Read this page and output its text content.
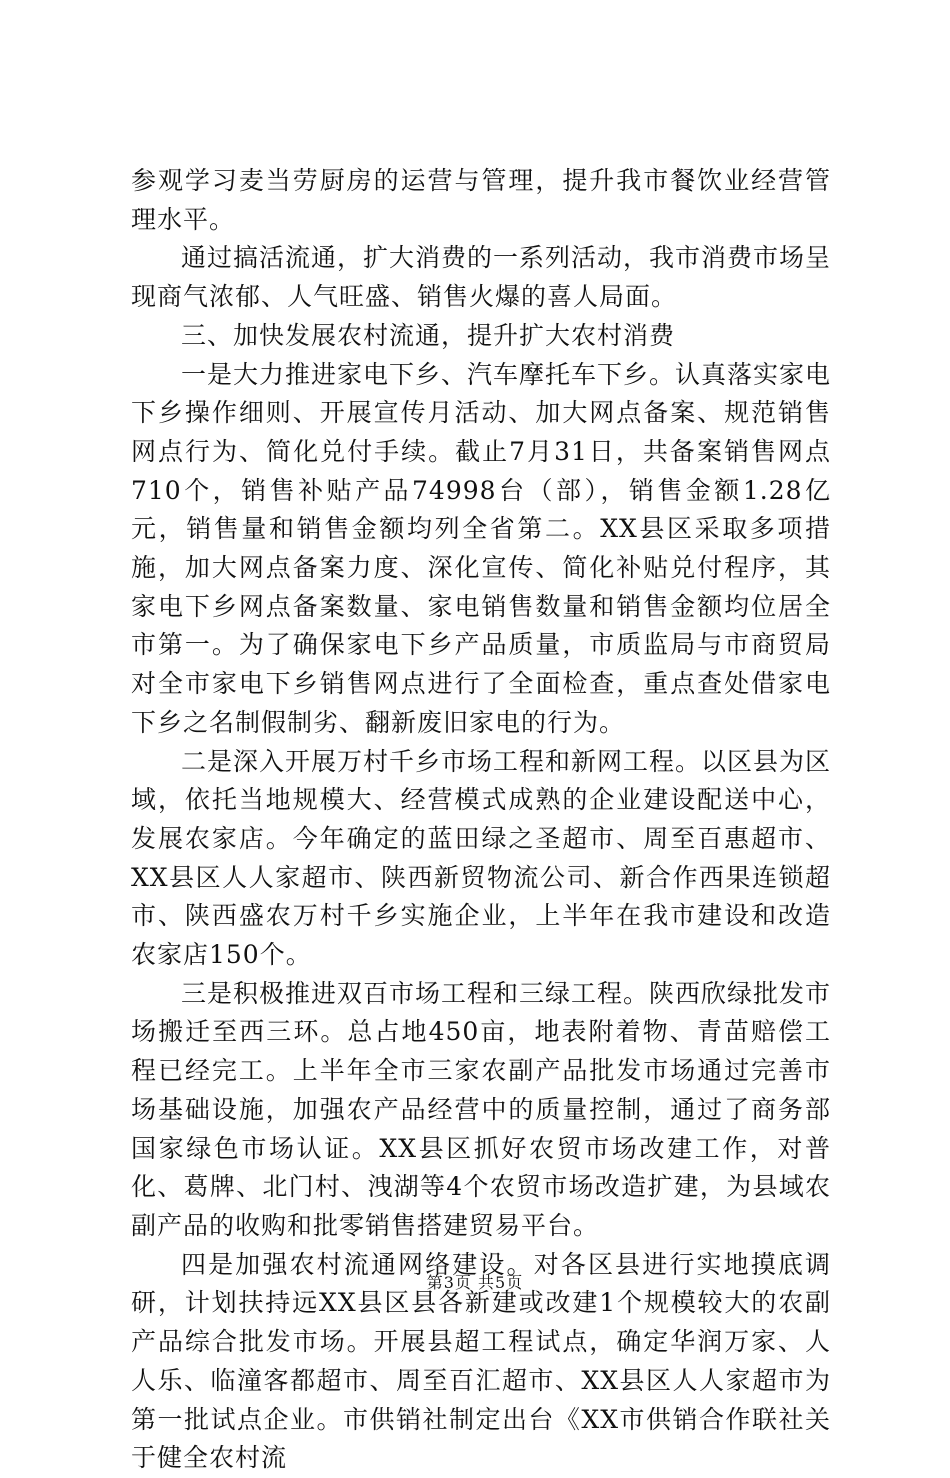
参观学习麦当劳厨房的运营与管理，提升我市餐饮业经营管理水平。

通过搞活流通，扩大消费的一系列活动，我市消费市场呈现商气浓郁、人气旺盛、销售火爆的喜人局面。

三、加快发展农村流通，提升扩大农村消费

一是大力推进家电下乡、汽车摩托车下乡。认真落实家电下乡操作细则、开展宣传月活动、加大网点备案、规范销售网点行为、简化兑付手续。截止7月31日，共备案销售网点710个，销售补贴产品74998台（部），销售金额1.28亿元，销售量和销售金额均列全省第二。XX县区采取多项措施，加大网点备案力度、深化宣传、简化补贴兑付程序，其家电下乡网点备案数量、家电销售数量和销售金额均位居全市第一。为了确保家电下乡产品质量，市质监局与市商贸局对全市家电下乡销售网点进行了全面检查，重点查处借家电下乡之名制假制劣、翻新废旧家电的行为。

二是深入开展万村千乡市场工程和新网工程。以区县为区域，依托当地规模大、经营模式成熟的企业建设配送中心，发展农家店。今年确定的蓝田绿之圣超市、周至百惠超市、XX县区人人家超市、陕西新贸物流公司、新合作西果连锁超市、陕西盛农万村千乡实施企业，上半年在我市建设和改造农家店150个。

三是积极推进双百市场工程和三绿工程。陕西欣绿批发市场搬迁至西三环。总占地450亩，地表附着物、青苗赔偿工程已经完工。上半年全市三家农副产品批发市场通过完善市场基础设施，加强农产品经营中的质量控制，通过了商务部国家绿色市场认证。XX县区抓好农贸市场改建工作，对普化、葛牌、北门村、洩湖等4个农贸市场改造扩建，为县域农副产品的收购和批零销售搭建贸易平台。

四是加强农村流通网络建设。对各区县进行实地摸底调研，计划扶持远XX县区县各新建或改建1个规模较大的农副产品综合批发市场。开展县超工程试点，确定华润万家、人人乐、临潼客都超市、周至百汇超市、XX县区人人家超市为第一批试点企业。市供销社制定出台《XX市供销合作联社关于健全农村流

第3页 共5页
